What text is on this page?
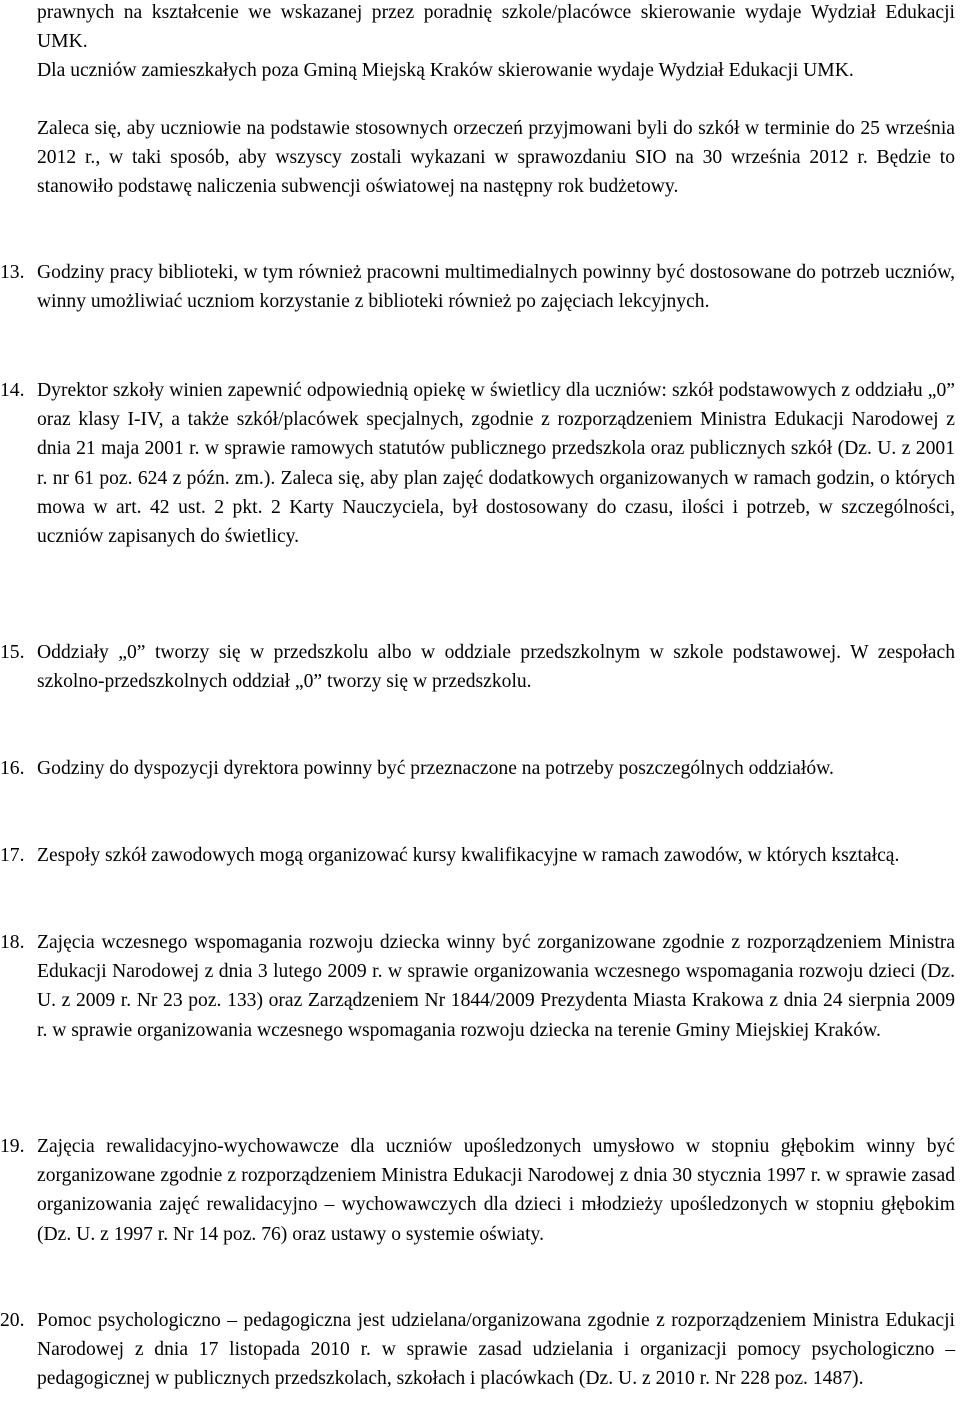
prawnych na kształcenie we wskazanej przez poradnię szkole/placówce skierowanie wydaje Wydział Edukacji UMK.

Dla uczniów zamieszkałych poza Gminą Miejską Kraków skierowanie wydaje Wydział Edukacji UMK.

Zaleca się, aby uczniowie na podstawie stosownych orzeczeń przyjmowani byli do szkół w terminie do 25 września 2012 r., w taki sposób, aby wszyscy zostali wykazani w sprawozdaniu SIO na 30 września 2012 r. Będzie to stanowiło podstawę naliczenia subwencji oświatowej na następny rok budżetowy.

13. Godziny pracy biblioteki, w tym również pracowni multimedialnych powinny być dostosowane do potrzeb uczniów, winny umożliwiać uczniom korzystanie z biblioteki również po zajęciach lekcyjnych.
14. Dyrektor szkoły winien zapewnić odpowiednią opiekę w świetlicy dla uczniów: szkół podstawowych z oddziału „0” oraz klasy I-IV, a także szkół/placówek specjalnych, zgodnie z rozporządzeniem Ministra Edukacji Narodowej z dnia 21 maja 2001 r. w sprawie ramowych statutów publicznego przedszkola oraz publicznych szkół (Dz. U. z 2001 r. nr 61 poz. 624 z późn. zm.). Zaleca się, aby plan zajęć dodatkowych organizowanych w ramach godzin, o których mowa w art. 42 ust. 2 pkt. 2 Karty Nauczyciela, był dostosowany do czasu, ilości i potrzeb, w szczególności, uczniów zapisanych do świetlicy.
15. Oddziały „0” tworzy się w przedszkolu albo w oddziale przedszkolnym w szkole podstawowej. W zespołach szkolno-przedszkolnych oddział „0” tworzy się w przedszkolu.
16. Godziny do dyspozycji dyrektora powinny być przeznaczone na potrzeby poszczególnych oddziałów.
17. Zespoły szkół zawodowych mogą organizować kursy kwalifikacyjne w ramach zawodów, w których kształcą.
18. Zajęcia wczesnego wspomagania rozwoju dziecka winny być zorganizowane zgodnie z rozporządzeniem Ministra Edukacji Narodowej z dnia 3 lutego 2009 r. w sprawie organizowania wczesnego wspomagania rozwoju dzieci (Dz. U. z 2009 r. Nr 23 poz. 133) oraz Zarządzeniem Nr 1844/2009 Prezydenta Miasta Krakowa z dnia 24 sierpnia 2009 r. w sprawie organizowania wczesnego wspomagania rozwoju dziecka na terenie Gminy Miejskiej Kraków.
19. Zajęcia rewalidacyjno-wychowawcze dla uczniów upośledzonych umysłowo w stopniu głębokim winny być zorganizowane zgodnie z rozporządzeniem Ministra Edukacji Narodowej z dnia 30 stycznia 1997 r. w sprawie zasad organizowania zajęć rewalidacyjno – wychowawczych dla dzieci i młodzieży upośledzonych w stopniu głębokim (Dz. U. z 1997 r. Nr 14 poz. 76) oraz ustawy o systemie oświaty.
20. Pomoc psychologiczno – pedagogiczna jest udzielana/organizowana zgodnie z rozporządzeniem Ministra Edukacji Narodowej z dnia 17 listopada 2010 r. w sprawie zasad udzielania i organizacji pomocy psychologiczno – pedagogicznej w publicznych przedszkolach, szkołach i placówkach (Dz. U. z 2010 r. Nr 228 poz. 1487).
